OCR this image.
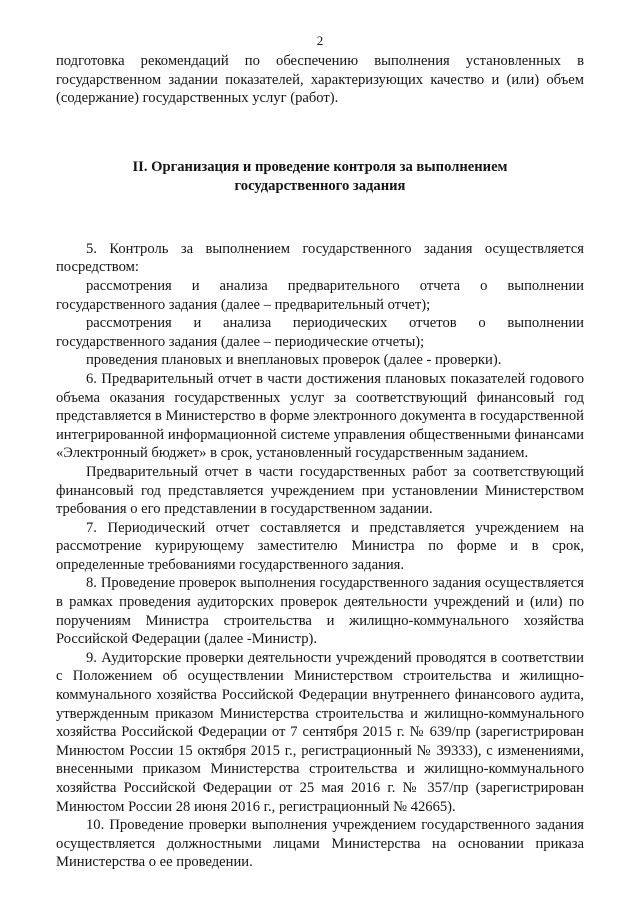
2

подготовка рекомендаций по обеспечению выполнения установленных в государственном задании показателей, характеризующих качество и (или) объем (содержание) государственных услуг (работ).

II. Организация и проведение контроля за выполнением
государственного задания

5. Контроль за выполнением государственного задания осуществляется посредством:

рассмотрения и анализа предварительного отчета о выполнении государственного задания (далее – предварительный отчет);

рассмотрения и анализа периодических отчетов о выполнении государственного задания (далее – периодические отчеты);

проведения плановых и внеплановых проверок (далее - проверки).

6. Предварительный отчет в части достижения плановых показателей годового объема оказания государственных услуг за соответствующий финансовый год представляется в Министерство в форме электронного документа в государственной интегрированной информационной системе управления общественными финансами «Электронный бюджет» в срок, установленный государственным заданием.

Предварительный отчет в части государственных работ за соответствующий финансовый год представляется учреждением при установлении Министерством требования о его представлении в государственном задании.

7. Периодический отчет составляется и представляется учреждением на рассмотрение курирующему заместителю Министра по форме и в срок, определенные требованиями государственного задания.

8. Проведение проверок выполнения государственного задания осуществляется в рамках проведения аудиторских проверок деятельности учреждений и (или) по поручениям Министра строительства и жилищно-коммунального хозяйства Российской Федерации (далее -Министр).

9. Аудиторские проверки деятельности учреждений проводятся в соответствии с Положением об осуществлении Министерством строительства и жилищно-коммунального хозяйства Российской Федерации внутреннего финансового аудита, утвержденным приказом Министерства строительства и жилищно-коммунального хозяйства Российской Федерации от 7 сентября 2015 г. № 639/пр (зарегистрирован Минюстом России 15 октября 2015 г., регистрационный № 39333), с изменениями, внесенными приказом Министерства строительства и жилищно-коммунального хозяйства Российской Федерации от 25 мая 2016 г. № 357/пр (зарегистрирован Минюстом России 28 июня 2016 г., регистрационный № 42665).

10. Проведение проверки выполнения учреждением государственного задания осуществляется должностными лицами Министерства на основании приказа Министерства о ее проведении.
